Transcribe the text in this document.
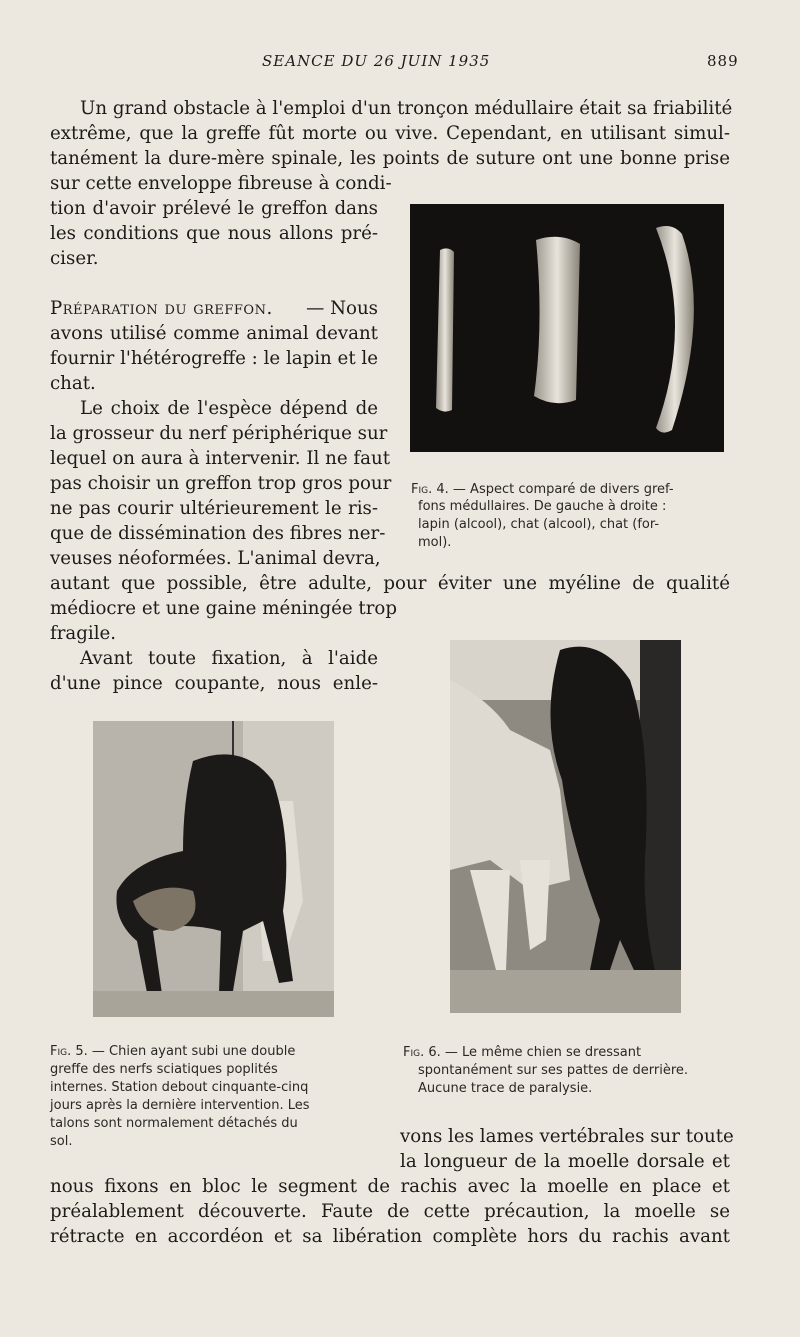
SEANCE DU 26 JUIN 1935	889
Un grand obstacle à l'emploi d'un tronçon médullaire était sa friabilité
extrême, que la greffe fût morte ou vive. Cependant, en utilisant simul-
tanément la dure-mère spinale, les points de suture ont une bonne prise
sur cette enveloppe fibreuse à condi-
tion d'avoir prélevé le greffon dans
les conditions que nous allons pré-
ciser.
Préparation du greffon. — Nous
avons utilisé comme animal devant
fournir l'hétérogreffe : le lapin et le
chat.
Le choix de l'espèce dépend de
la grosseur du nerf périphérique sur
lequel on aura à intervenir. Il ne faut
pas choisir un greffon trop gros pour
ne pas courir ultérieurement le ris-
que de dissémination des fibres ner-
veuses néoformées. L'animal devra,
autant que possible, être adulte, pour éviter une myéline de qualité
médiocre et une gaine méningée trop
fragile.
Avant toute fixation, à l'aide
d'une pince coupante, nous enle-
Fig. 4. — Aspect comparé de divers gref-
fons médullaires. De gauche à droite :
lapin (alcool), chat (alcool), chat (for-
mol).
Fig. 5. — Chien ayant subi une double
greffe des nerfs sciatiques poplités
internes. Station debout cinquante-cinq
jours après la dernière intervention. Les
talons sont normalement détachés du
sol.
Fig. 6. — Le même chien se dressant
spontanément sur ses pattes de derrière.
Aucune trace de paralysie.
vons les lames vertébrales sur toute
la longueur de la moelle dorsale et
nous fixons en bloc le segment de rachis avec la moelle en place et
préalablement découverte. Faute de cette précaution, la moelle se
rétracte en accordéon et sa libération complète hors du rachis avant
